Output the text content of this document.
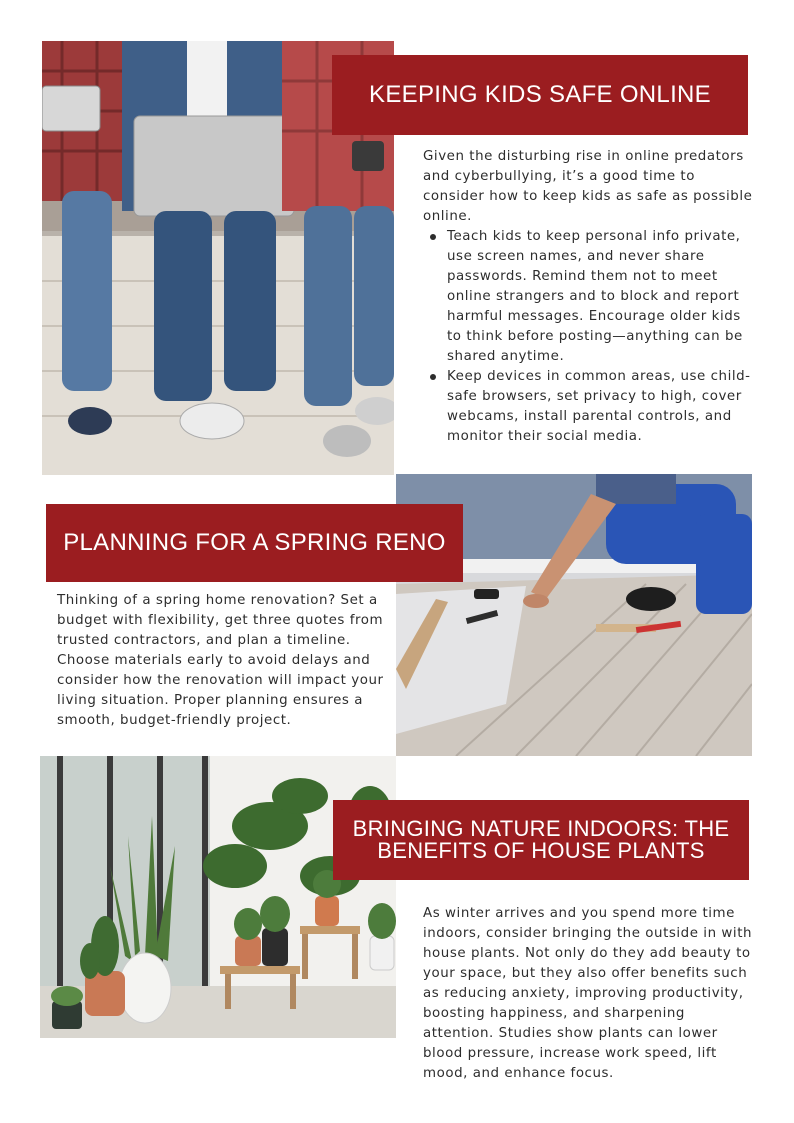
KEEPING KIDS SAFE ONLINE

Given the disturbing rise in online predators and cyberbullying, it’s a good time to consider how to keep kids as safe as possible online.

Teach kids to keep personal info private, use screen names, and never share passwords. Remind them not to meet online strangers and to block and report harmful messages. Encourage older kids to think before posting—anything can be shared anytime.
Keep devices in common areas, use child-safe browsers, set privacy to high, cover webcams, install parental controls, and monitor their social media.
PLANNING FOR A SPRING RENO

Thinking of a spring home renovation? Set a budget with flexibility, get three quotes from trusted contractors, and plan a timeline. Choose materials early to avoid delays and consider how the renovation will impact your living situation. Proper planning ensures a smooth, budget-friendly project.

BRINGING NATURE INDOORS: THE BENEFITS OF HOUSE PLANTS

As winter arrives and you spend more time indoors, consider bringing the outside in with house plants. Not only do they add beauty to your space, but they also offer benefits such as reducing anxiety, improving productivity, boosting happiness, and sharpening attention. Studies show plants can lower blood pressure, increase work speed, lift mood, and enhance focus.
